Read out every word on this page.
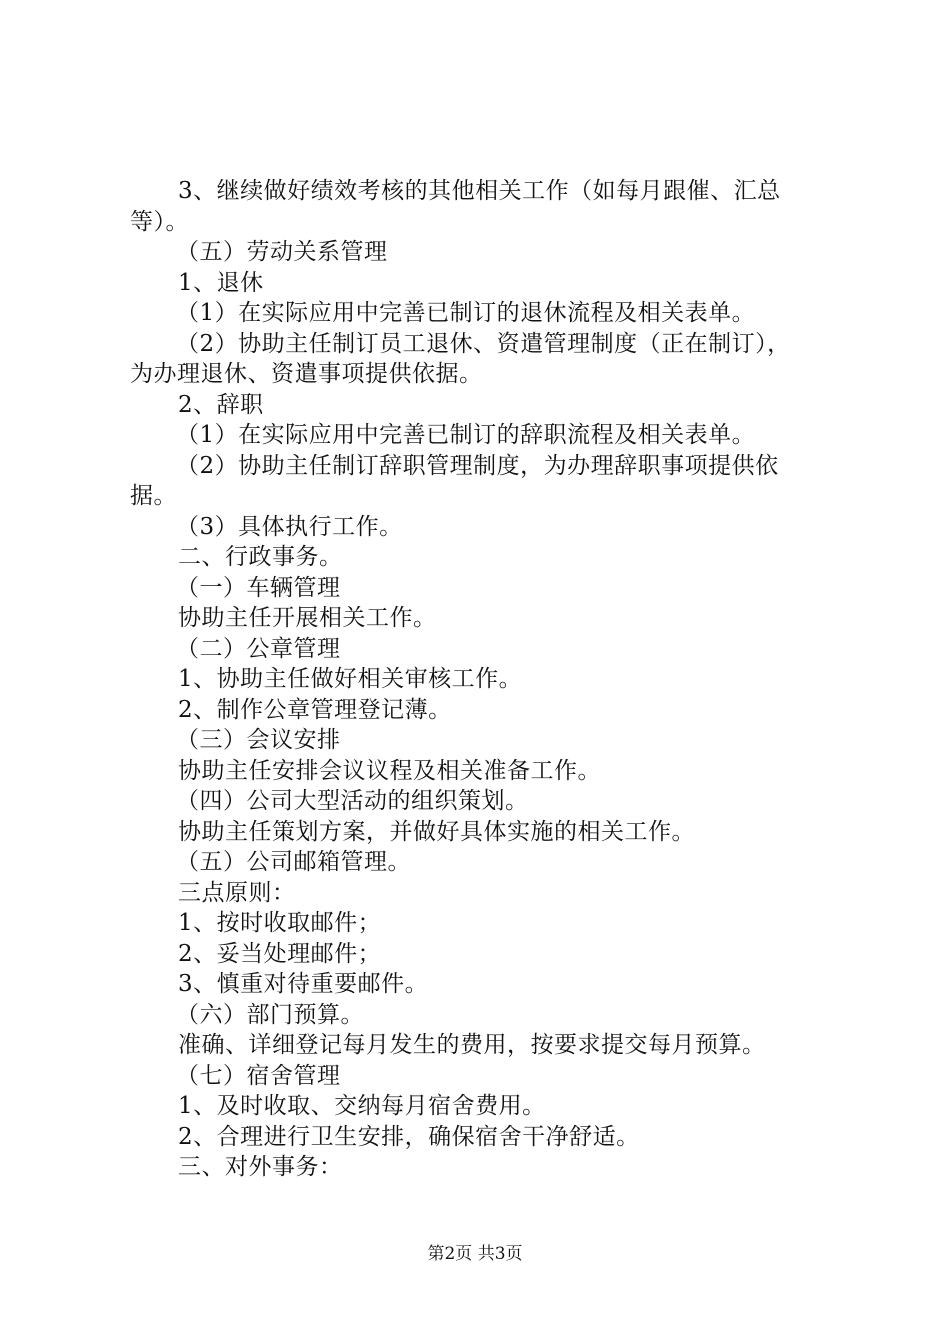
3、继续做好绩效考核的其他相关工作（如每月跟催、汇总
等）。
（五）劳动关系管理
1、退休
（1）在实际应用中完善已制订的退休流程及相关表单。
（2）协助主任制订员工退休、资遣管理制度（正在制订），
为办理退休、资遣事项提供依据。
2、辞职
（1）在实际应用中完善已制订的辞职流程及相关表单。
（2）协助主任制订辞职管理制度，为办理辞职事项提供依
据。
（3）具体执行工作。
二、行政事务。
（一）车辆管理
协助主任开展相关工作。
（二）公章管理
1、协助主任做好相关审核工作。
2、制作公章管理登记薄。
（三）会议安排
协助主任安排会议议程及相关准备工作。
（四）公司大型活动的组织策划。
协助主任策划方案，并做好具体实施的相关工作。
（五）公司邮箱管理。
三点原则：
1、按时收取邮件；
2、妥当处理邮件；
3、慎重对待重要邮件。
（六）部门预算。
准确、详细登记每月发生的费用，按要求提交每月预算。
（七）宿舍管理
1、及时收取、交纳每月宿舍费用。
2、合理进行卫生安排，确保宿舍干净舒适。
三、对外事务：
第2页 共3页
